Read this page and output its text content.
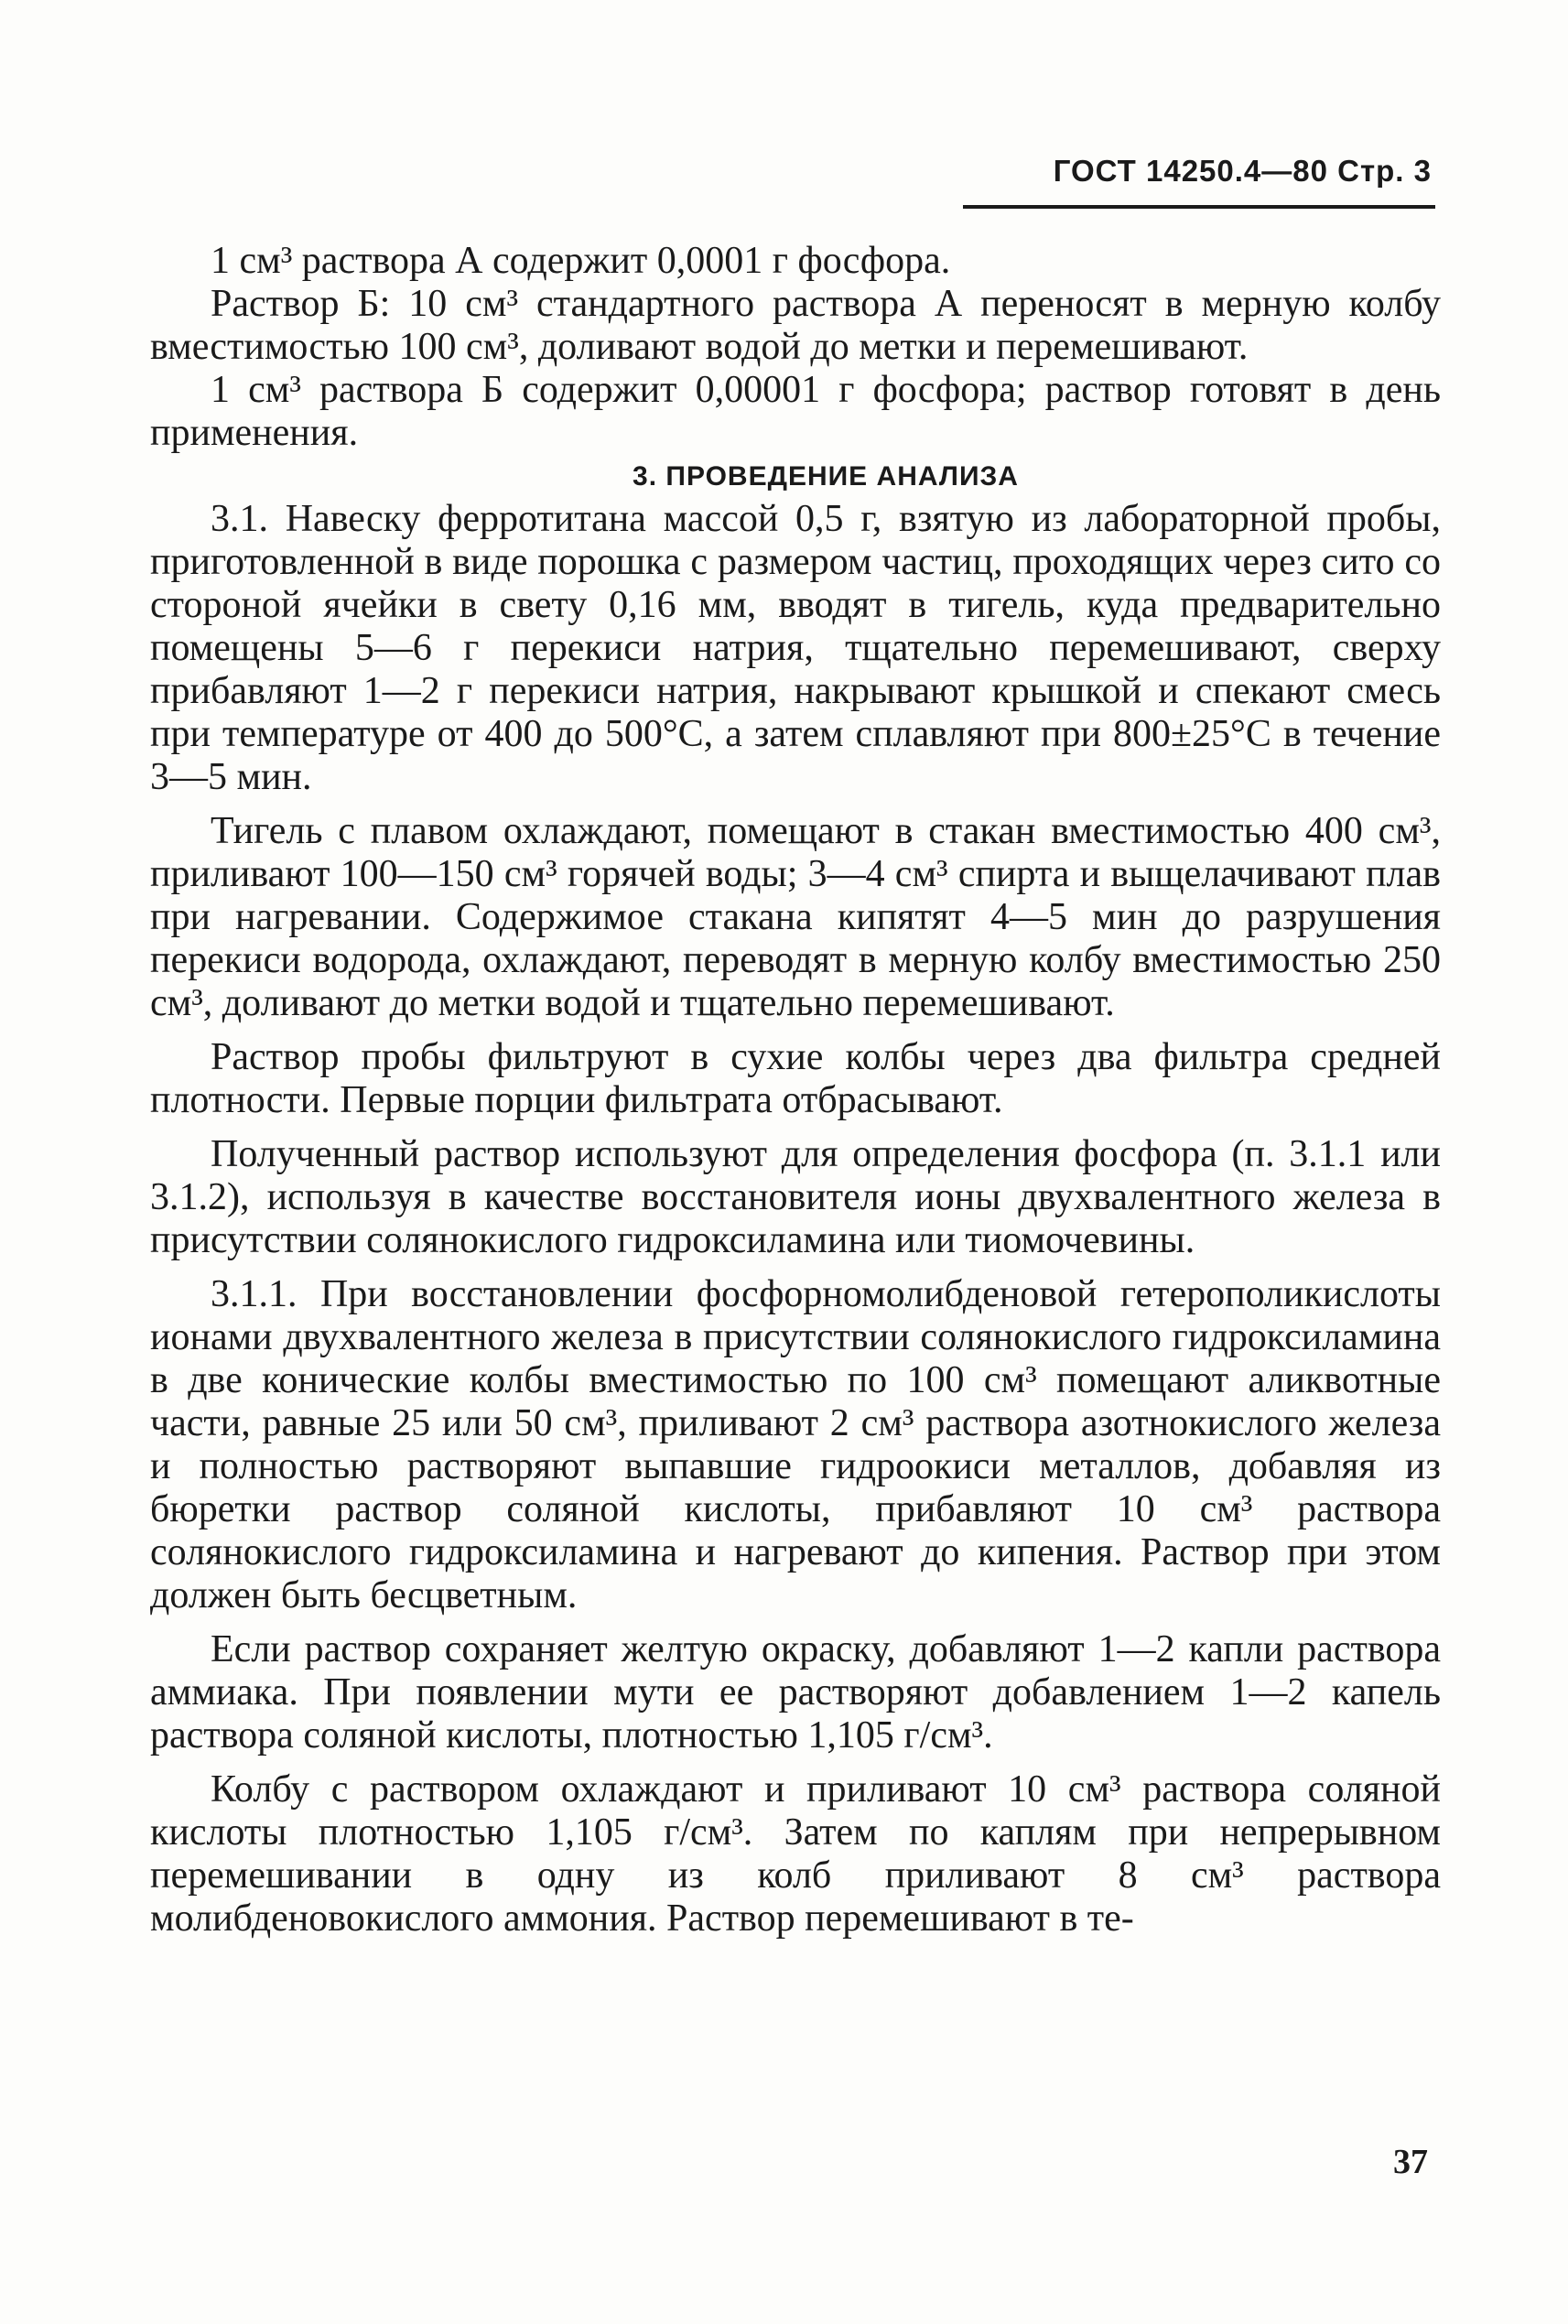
ГОСТ 14250.4—80 Стр. 3

1 см³ раствора А содержит 0,0001 г фосфора.

Раствор Б: 10 см³ стандартного раствора А переносят в мерную колбу вместимостью 100 см³, доливают водой до метки и перемешивают.

1 см³ раствора Б содержит 0,00001 г фосфора; раствор готовят в день применения.

3. ПРОВЕДЕНИЕ АНАЛИЗА

3.1. Навеску ферротитана массой 0,5 г, взятую из лабораторной пробы, приготовленной в виде порошка с размером частиц, проходящих через сито со стороной ячейки в свету 0,16 мм, вводят в тигель, куда предварительно помещены 5—6 г перекиси натрия, тщательно перемешивают, сверху прибавляют 1—2 г перекиси натрия, накрывают крышкой и спекают смесь при температуре от 400 до 500°С, а затем сплавляют при 800±25°С в течение 3—5 мин.

Тигель с плавом охлаждают, помещают в стакан вместимостью 400 см³, приливают 100—150 см³ горячей воды; 3—4 см³ спирта и выщелачивают плав при нагревании. Содержимое стакана кипятят 4—5 мин до разрушения перекиси водорода, охлаждают, переводят в мерную колбу вместимостью 250 см³, доливают до метки водой и тщательно перемешивают.

Раствор пробы фильтруют в сухие колбы через два фильтра средней плотности. Первые порции фильтрата отбрасывают.

Полученный раствор используют для определения фосфора (п. 3.1.1 или 3.1.2), используя в качестве восстановителя ионы двухвалентного железа в присутствии солянокислого гидроксиламина или тиомочевины.

3.1.1. При восстановлении фосфорномолибденовой гетерополикислоты ионами двухвалентного железа в присутствии солянокислого гидроксиламина в две конические колбы вместимостью по 100 см³ помещают аликвотные части, равные 25 или 50 см³, приливают 2 см³ раствора азотнокислого железа и полностью растворяют выпавшие гидроокиси металлов, добавляя из бюретки раствор соляной кислоты, прибавляют 10 см³ раствора солянокислого гидроксиламина и нагревают до кипения. Раствор при этом должен быть бесцветным.

Если раствор сохраняет желтую окраску, добавляют 1—2 капли раствора аммиака. При появлении мути ее растворяют добавлением 1—2 капель раствора соляной кислоты, плотностью 1,105 г/см³.

Колбу с раствором охлаждают и приливают 10 см³ раствора соляной кислоты плотностью 1,105 г/см³. Затем по каплям при непрерывном перемешивании в одну из колб приливают 8 см³ раствора молибденовокислого аммония. Раствор перемешивают в те-

37
